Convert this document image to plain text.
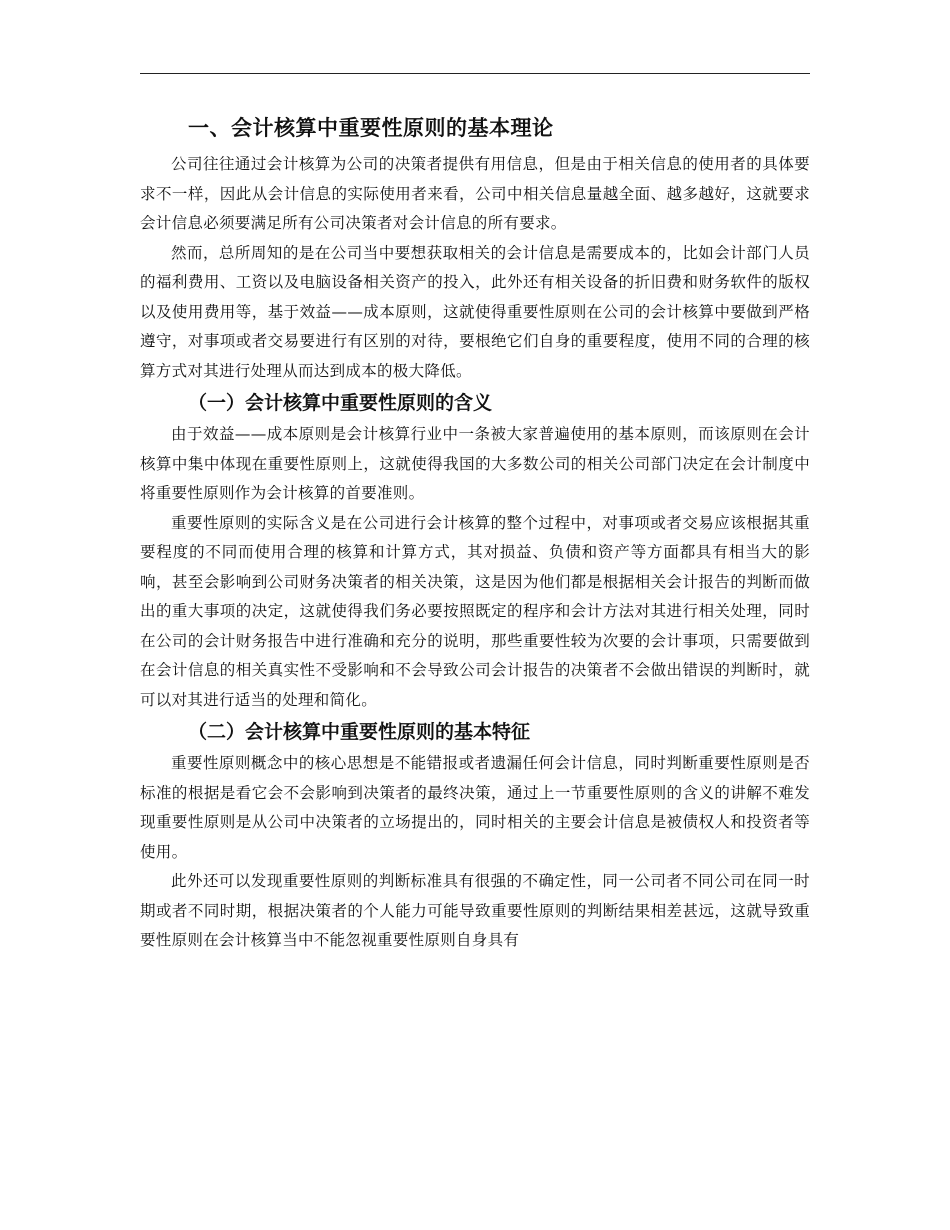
一、会计核算中重要性原则的基本理论

公司往往通过会计核算为公司的决策者提供有用信息，但是由于相关信息的使用者的具体要求不一样，因此从会计信息的实际使用者来看，公司中相关信息量越全面、越多越好，这就要求会计信息必须要满足所有公司决策者对会计信息的所有要求。

然而，总所周知的是在公司当中要想获取相关的会计信息是需要成本的，比如会计部门人员的福利费用、工资以及电脑设备相关资产的投入，此外还有相关设备的折旧费和财务软件的版权以及使用费用等，基于效益——成本原则，这就使得重要性原则在公司的会计核算中要做到严格遵守，对事项或者交易要进行有区别的对待，要根绝它们自身的重要程度，使用不同的合理的核算方式对其进行处理从而达到成本的极大降低。

（一）会计核算中重要性原则的含义

由于效益——成本原则是会计核算行业中一条被大家普遍使用的基本原则，而该原则在会计核算中集中体现在重要性原则上，这就使得我国的大多数公司的相关公司部门决定在会计制度中将重要性原则作为会计核算的首要准则。

重要性原则的实际含义是在公司进行会计核算的整个过程中，对事项或者交易应该根据其重要程度的不同而使用合理的核算和计算方式，其对损益、负债和资产等方面都具有相当大的影响，甚至会影响到公司财务决策者的相关决策，这是因为他们都是根据相关会计报告的判断而做出的重大事项的决定，这就使得我们务必要按照既定的程序和会计方法对其进行相关处理，同时在公司的会计财务报告中进行准确和充分的说明，那些重要性较为次要的会计事项，只需要做到在会计信息的相关真实性不受影响和不会导致公司会计报告的决策者不会做出错误的判断时，就可以对其进行适当的处理和简化。

（二）会计核算中重要性原则的基本特征

重要性原则概念中的核心思想是不能错报或者遗漏任何会计信息，同时判断重要性原则是否标准的根据是看它会不会影响到决策者的最终决策，通过上一节重要性原则的含义的讲解不难发现重要性原则是从公司中决策者的立场提出的，同时相关的主要会计信息是被债权人和投资者等使用。

此外还可以发现重要性原则的判断标准具有很强的不确定性，同一公司者不同公司在同一时期或者不同时期，根据决策者的个人能力可能导致重要性原则的判断结果相差甚远，这就导致重要性原则在会计核算当中不能忽视重要性原则自身具有
